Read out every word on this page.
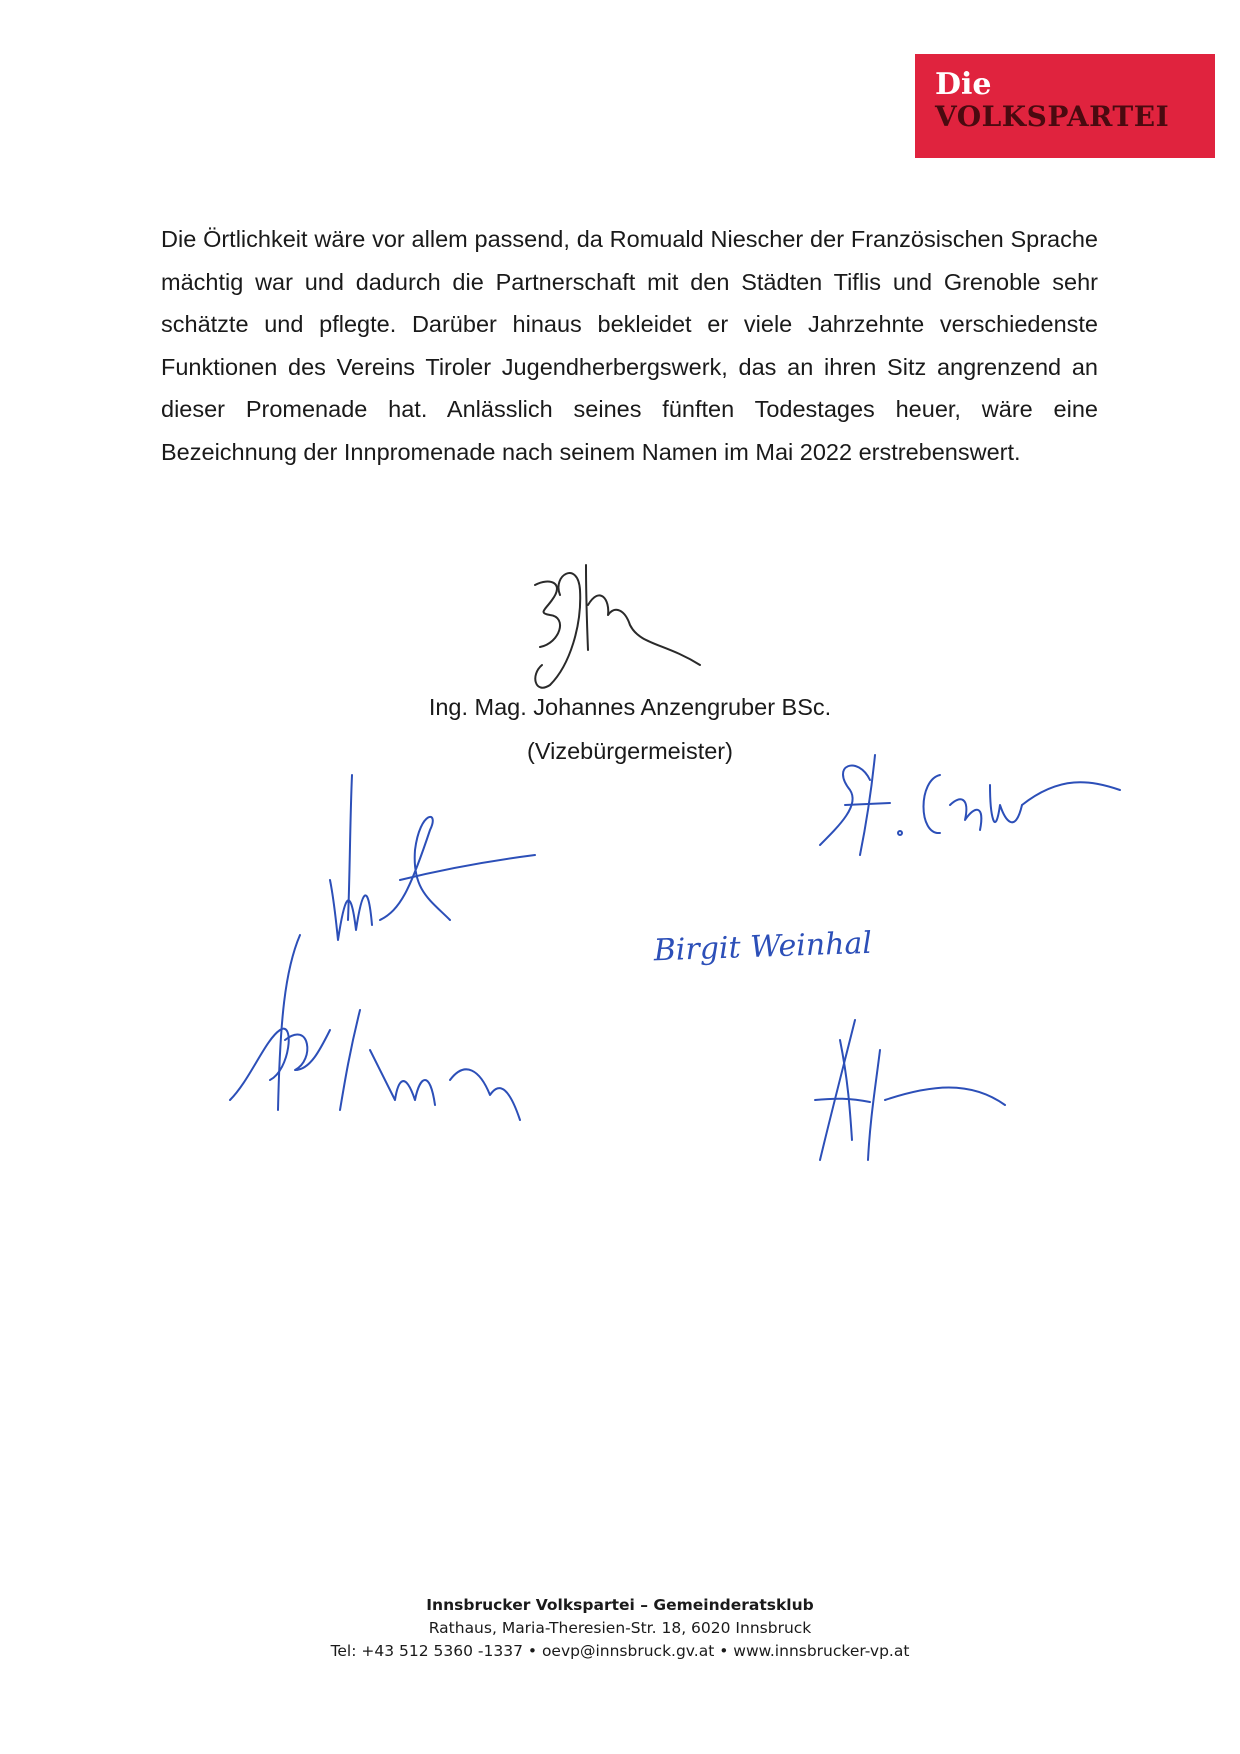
Die
VOLKSPARTEI

Die Örtlichkeit wäre vor allem passend, da Romuald Niescher der Französischen Sprache mächtig war und dadurch die Partnerschaft mit den Städten Tiflis und Grenoble sehr schätzte und pflegte. Darüber hinaus bekleidet er viele Jahrzehnte verschiedenste Funktionen des Vereins Tiroler Jugendherbergswerk, das an ihren Sitz angrenzend an dieser Promenade hat. Anlässlich seines fünften Todestages heuer, wäre eine Bezeichnung der Innpromenade nach seinem Namen im Mai 2022 erstrebenswert.

Ing. Mag. Johannes Anzengruber BSc.
(Vizebürgermeister)
Birgit Weinhal
Innsbrucker Volkspartei – Gemeinderatsklub
Rathaus, Maria-Theresien-Str. 18, 6020 Innsbruck
Tel: +43 512 5360 -1337 • oevp@innsbruck.gv.at • www.innsbrucker-vp.at
